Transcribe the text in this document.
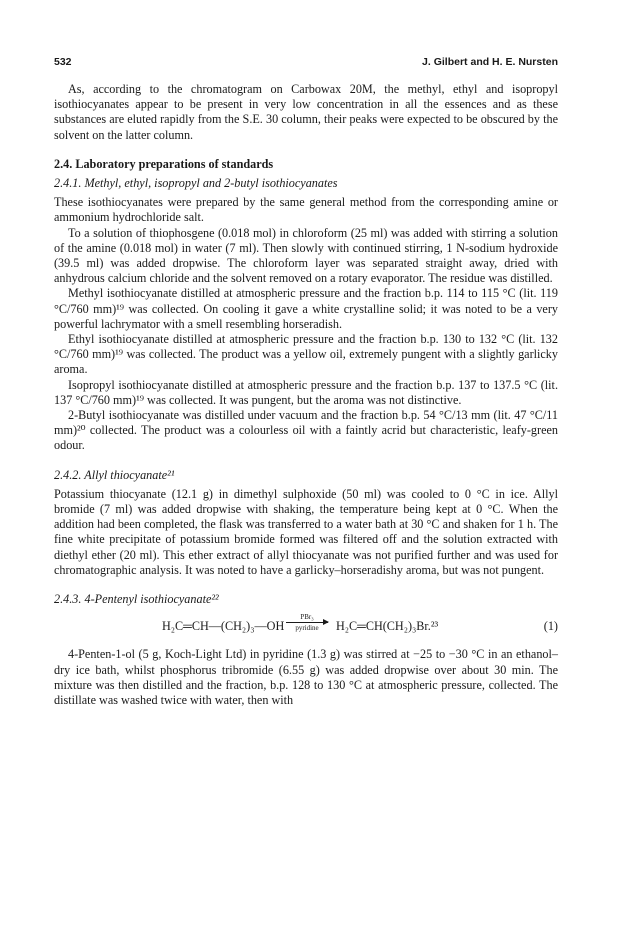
532	J. Gilbert and H. E. Nursten

As, according to the chromatogram on Carbowax 20M, the methyl, ethyl and isopropyl isothiocyanates appear to be present in very low concentration in all the essences and as these substances are eluted rapidly from the S.E. 30 column, their peaks were expected to be obscured by the solvent on the latter column.

2.4. Laboratory preparations of standards
2.4.1. Methyl, ethyl, isopropyl and 2-butyl isothiocyanates

These isothiocyanates were prepared by the same general method from the corresponding amine or ammonium hydrochloride salt.

To a solution of thiophosgene (0.018 mol) in chloroform (25 ml) was added with stirring a solution of the amine (0.018 mol) in water (7 ml). Then slowly with continued stirring, 1 N-sodium hydroxide (39.5 ml) was added dropwise. The chloroform layer was separated straight away, dried with anhydrous calcium chloride and the solvent removed on a rotary evaporator. The residue was distilled.

Methyl isothiocyanate distilled at atmospheric pressure and the fraction b.p. 114 to 115 °C (lit. 119 °C/760 mm)¹⁹ was collected. On cooling it gave a white crystalline solid; it was noted to be a very powerful lachrymator with a smell resembling horseradish.

Ethyl isothiocyanate distilled at atmospheric pressure and the fraction b.p. 130 to 132 °C (lit. 132 °C/760 mm)¹⁹ was collected. The product was a yellow oil, extremely pungent with a slightly garlicky aroma.

Isopropyl isothiocyanate distilled at atmospheric pressure and the fraction b.p. 137 to 137.5 °C (lit. 137 °C/760 mm)¹⁹ was collected. It was pungent, but the aroma was not distinctive.

2-Butyl isothiocyanate was distilled under vacuum and the fraction b.p. 54 °C/13 mm (lit. 47 °C/11 mm)²⁰ collected. The product was a colourless oil with a faintly acrid but characteristic, leafy-green odour.

2.4.2. Allyl thiocyanate²¹

Potassium thiocyanate (12.1 g) in dimethyl sulphoxide (50 ml) was cooled to 0 °C in ice. Allyl bromide (7 ml) was added dropwise with shaking, the temperature being kept at 0 °C. When the addition had been completed, the flask was transferred to a water bath at 30 °C and shaken for 1 h. The fine white precipitate of potassium bromide formed was filtered off and the solution extracted with diethyl ether (20 ml). This ether extract of allyl thiocyanate was not purified further and was used for chromatographic analysis. It was noted to have a garlicky–horseradishy aroma, but was not pungent.

2.4.3. 4-Pentenyl isothiocyanate²²
H₂C═CH—(CH₂)₃—OH
PBr₃
pyridine	H₂C═CH(CH₂)₃Br.²³	(1)

4-Penten-1-ol (5 g, Koch-Light Ltd) in pyridine (1.3 g) was stirred at −25 to −30 °C in an ethanol–dry ice bath, whilst phosphorus tribromide (6.55 g) was added dropwise over about 30 min. The mixture was then distilled and the fraction, b.p. 128 to 130 °C at atmospheric pressure, collected. The distillate was washed twice with water, then with
